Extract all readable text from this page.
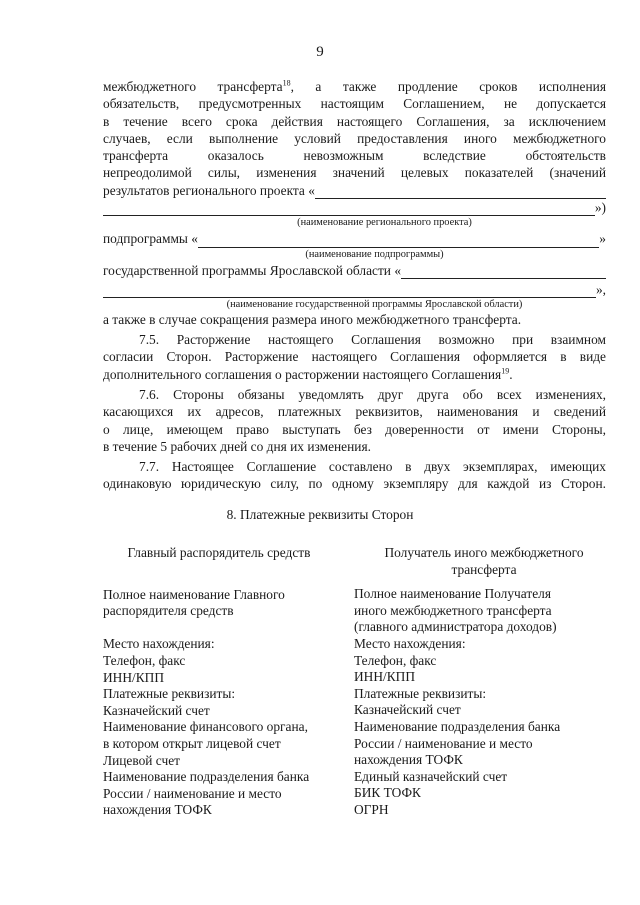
9
межбюджетного трансферта$^{18}$, а также продление сроков исполнения
обязательств, предусмотренных настоящим Соглашением, не допускается
в течение всего срока действия настоящего Соглашения, за исключением
случаев, если выполнение условий предоставления иного межбюджетного
трансферта оказалось невозможным вследствие обстоятельств
непреодолимой силы, изменения значений целевых показателей (значений
результатов регионального проекта «
»)
(наименование регионального проекта)
подпрограммы «	»
(наименование подпрограммы)
государственной программы Ярославской области «
»,
(наименование государственной программы Ярославской области)
а также в случае сокращения размера иного межбюджетного трансферта.
7.5. Расторжение настоящего Соглашения возможно при взаимном
согласии Сторон. Расторжение настоящего Соглашения оформляется в виде
дополнительного соглашения о расторжении настоящего Соглашения$^{19}$.
7.6. Стороны обязаны уведомлять друг друга обо всех изменениях,
касающихся их адресов, платежных реквизитов, наименования и сведений
о лице, имеющем право выступать без доверенности от имени Стороны,
в течение 5 рабочих дней со дня их изменения.
7.7. Настоящее Соглашение составлено в двух экземплярах, имеющих
одинаковую юридическую силу, по одному экземпляру для каждой из Сторон.
8. Платежные реквизиты Сторон
Главный распорядитель средств
Полное наименование Главного
распорядителя средств
Место нахождения:
Телефон, факс
ИНН/КПП
Платежные реквизиты:
Казначейский счет
Наименование финансового органа,
в котором открыт лицевой счет
Лицевой счет
Наименование подразделения банка
России / наименование и место
нахождения ТОФК
Получатель иного межбюджетного
трансферта
Полное наименование Получателя
иного межбюджетного трансферта
(главного администратора доходов)
Место нахождения:
Телефон, факс
ИНН/КПП
Платежные реквизиты:
Казначейский счет
Наименование подразделения банка
России / наименование и место
нахождения ТОФК
Единый казначейский счет
БИК ТОФК
ОГРН
